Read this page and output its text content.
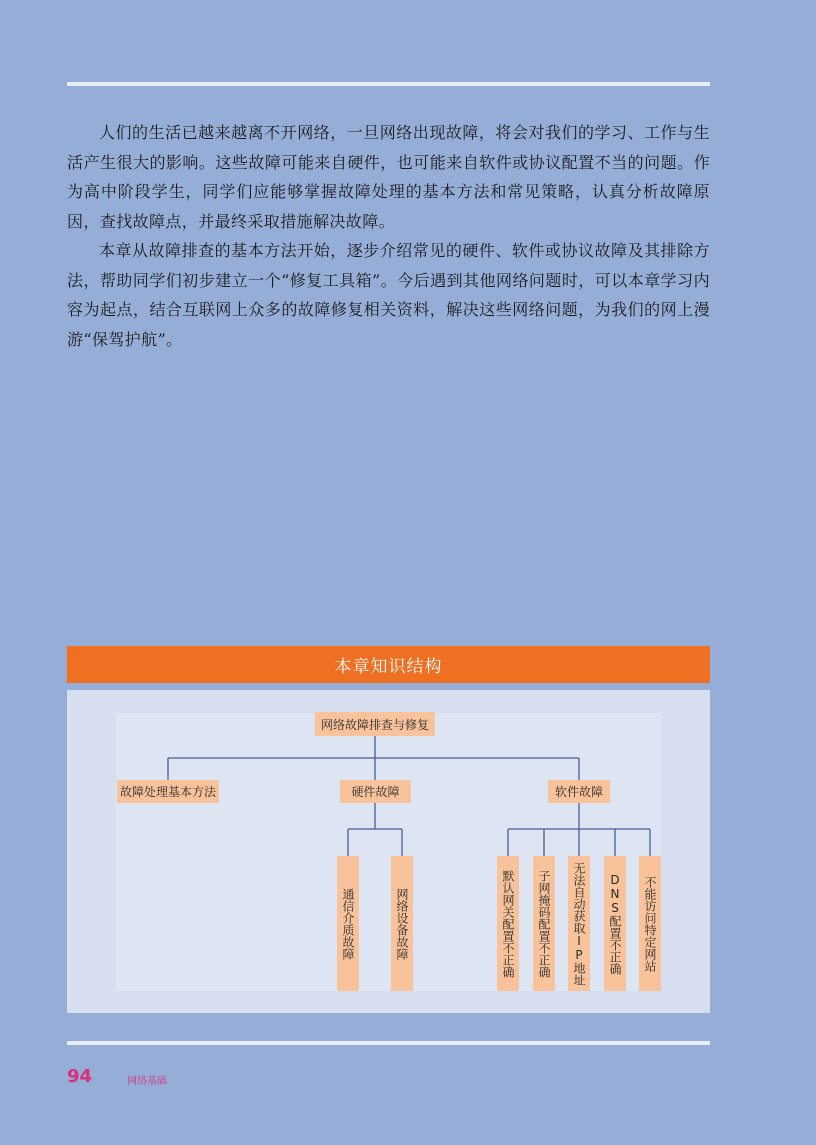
人们的生活已越来越离不开网络，一旦网络出现故障，将会对我们的学习、工作与生活产生很大的影响。这些故障可能来自硬件，也可能来自软件或协议配置不当的问题。作为高中阶段学生，同学们应能够掌握故障处理的基本方法和常见策略，认真分析故障原因，查找故障点，并最终采取措施解决故障。

本章从故障排查的基本方法开始，逐步介绍常见的硬件、软件或协议故障及其排除方法，帮助同学们初步建立一个“修复工具箱”。今后遇到其他网络问题时，可以本章学习内容为起点，结合互联网上众多的故障修复相关资料，解决这些网络问题，为我们的网上漫游“保驾护航”。

本章知识结构
网络故障排查与修复
故障处理基本方法	硬件故障	软件故障
通信介质故障	网络设备故障	默认网关配置不正确	子网掩码配置不正确	无法自动获取IP地址	DNS配置不正确	不能访问特定网站
94	网络基础
